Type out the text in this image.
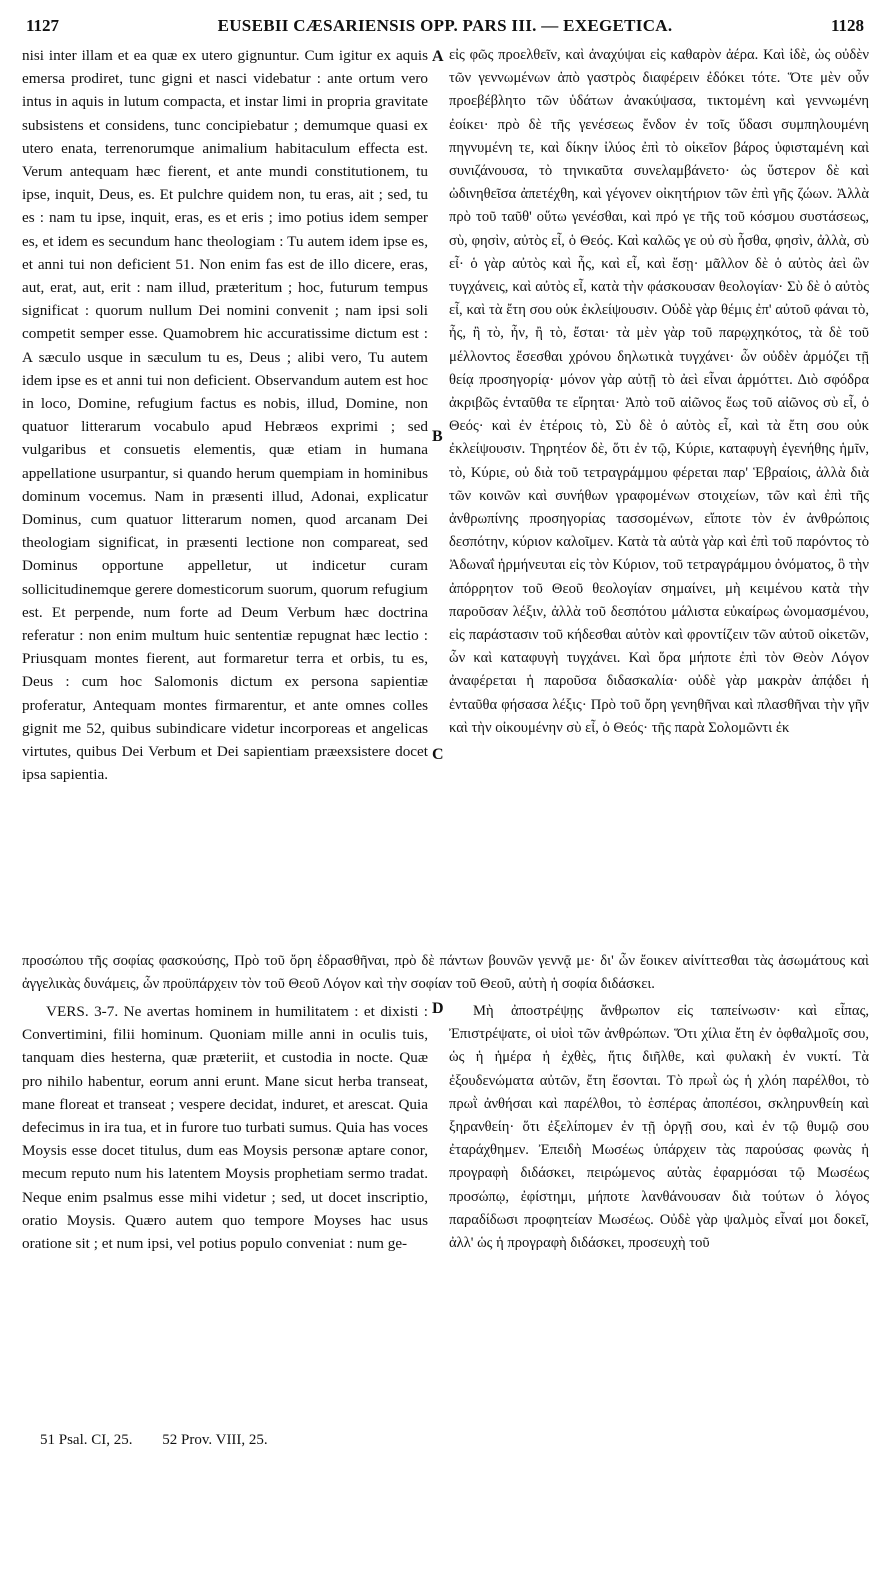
1127	EUSEBII CÆSARIENSIS OPP. PARS III. — EXEGETICA.	1128

nisi inter illam et ea quæ ex utero gignuntur. Cum igitur ex aquis emersa prodiret, tunc gigni et nasci videbatur : ante ortum vero intus in aquis in lutum compacta, et instar limi in propria gravitate subsistens et considens, tunc concipiebatur ; demumque quasi ex utero enata, terrenorumque animalium habitaculum effecta est. Verum antequam hæc fierent, et ante mundi constitutionem, tu ipse, inquit, Deus, es. Et pulchre quidem non, tu eras, ait ; sed, tu es : nam tu ipse, inquit, eras, es et eris ; imo potius idem semper es, et idem es secundum hanc theologiam : Tu autem idem ipse es, et anni tui non deficient 51. Non enim fas est de illo dicere, eras, aut, erat, aut, erit : nam illud, præteritum ; hoc, futurum tempus significat : quorum nullum Dei nomini convenit ; nam ipsi soli competit semper esse. Quamobrem hic accuratissime dictum est : A sæculo usque in sæculum tu es, Deus ; alibi vero, Tu autem idem ipse es et anni tui non deficient. Observandum autem est hoc in loco, Domine, refugium factus es nobis, illud, Domine, non quatuor litterarum vocabulo apud Hebræos exprimi ; sed vulgaribus et consuetis elementis, quæ etiam in humana appellatione usurpantur, si quando herum quempiam in hominibus dominum vocemus. Nam in præsenti illud, Adonai, explicatur Dominus, cum quatuor litterarum nomen, quod arcanam Dei theologiam significat, in præsenti lectione non compareat, sed Dominus opportune appelletur, ut indicetur curam sollicitudinemque gerere domesticorum suorum, quorum refugium est. Et perpende, num forte ad Deum Verbum hæc doctrina referatur : non enim multum huic sententiæ repugnat hæc lectio : Priusquam montes fierent, aut formaretur terra et orbis, tu es, Deus : cum hoc Salomonis dictum ex persona sapientiæ proferatur, Antequam montes firmarentur, et ante omnes colles gignit me 52, quibus subindicare videtur incorporeas et angelicas virtutes, quibus Dei Verbum et Dei sapientiam præexsistere docet ipsa sapientia.

εἰς φῶς προελθεῖν, καὶ ἀναχύψαι εἰς καθαρὸν ἀέρα. Καὶ ἰδὲ, ὡς οὐδὲν τῶν γεννωμένων ἀπὸ γαστρὸς διαφέρειν ἐδόκει τότε. Ὅτε μὲν οὖν προεβέβλητο τῶν ὑδάτων ἀνακύψασα, τικτομένη καὶ γεννωμένη ἐοίκει· πρὸ δὲ τῆς γενέσεως ἔνδον ἐν τοῖς ὕδασι συμπηλουμένη πηγνυμένη τε, καὶ δίκην ἰλύος ἐπὶ τὸ οἰκεῖον βάρος ὑφισταμένη καὶ συνιζάνουσα, τὸ τηνικαῦτα συνελαμβάνετο· ὡς ὕστερον δὲ καὶ ὠδινηθεῖσα ἀπετέχθη, καὶ γέγονεν οἰκητήριον τῶν ἐπὶ γῆς ζώων. Ἀλλὰ πρὸ τοῦ ταῦθ' οὕτω γενέσθαι, καὶ πρό γε τῆς τοῦ κόσμου συστάσεως, σὺ, φησὶν, αὐτὸς εἶ, ὁ Θεός. Καὶ καλῶς γε οὐ σὺ ἦσθα, φησὶν, ἀλλὰ, σὺ εἶ· ὁ γὰρ αὐτὸς καὶ ἦς, καὶ εἶ, καὶ ἔσῃ· μᾶλλον δὲ ὁ αὐτὸς ἀεὶ ὢν τυγχάνεις, καὶ αὐτὸς εἶ, κατὰ τὴν φάσκουσαν θεολογίαν· Σὺ δὲ ὁ αὐτὸς εἶ, καὶ τὰ ἔτη σου οὐκ ἐκλείψουσιν. Οὐδὲ γὰρ θέμις ἐπ' αὐτοῦ φάναι τὸ, ἦς, ἢ τὸ, ἦν, ἢ τὸ, ἔσται· τὰ μὲν γὰρ τοῦ παρῳχηκότος, τὰ δὲ τοῦ μέλλοντος ἔσεσθαι χρόνου δηλωτικὰ τυγχάνει· ὧν οὐδὲν ἁρμόζει τῇ θείᾳ προσηγορίᾳ· μόνον γὰρ αὐτῇ τὸ ἀεὶ εἶναι ἁρμόττει. Διὸ σφόδρα ἀκριβῶς ἐνταῦθα τε εἴρηται· Ἀπὸ τοῦ αἰῶνος ἕως τοῦ αἰῶνος σὺ εἶ, ὁ Θεός· καὶ ἐν ἑτέροις τὸ, Σὺ δὲ ὁ αὐτὸς εἶ, καὶ τὰ ἔτη σου οὐκ ἐκλείψουσιν. Τηρητέον δὲ, ὅτι ἐν τῷ, Κύριε, καταφυγὴ ἐγενήθης ἡμῖν, τὸ, Κύριε, οὐ διὰ τοῦ τετραγράμμου φέρεται παρ' Ἑβραίοις, ἀλλὰ διὰ τῶν κοινῶν καὶ συνήθων γραφομένων στοιχείων, τῶν καὶ ἐπὶ τῆς ἀνθρωπίνης προσηγορίας τασσομένων, εἴποτε τὸν ἐν ἀνθρώποις δεσπότην, κύριον καλοῖμεν. Κατὰ τὰ αὐτὰ γὰρ καὶ ἐπὶ τοῦ παρόντος τὸ Ἀδωναΐ ἡρμήνευται εἰς τὸν Κύριον, τοῦ τετραγράμμου ὀνόματος, ὃ τὴν ἀπόρρητον τοῦ Θεοῦ θεολογίαν σημαίνει, μὴ κειμένου κατὰ τὴν παροῦσαν λέξιν, ἀλλὰ τοῦ δεσπότου μάλιστα εὐκαίρως ὠνομασμένου, εἰς παράστασιν τοῦ κήδεσθαι αὐτὸν καὶ φροντίζειν τῶν αὐτοῦ οἰκετῶν, ὧν καὶ καταφυγὴ τυγχάνει. Καὶ ὅρα μήποτε ἐπὶ τὸν Θεὸν Λόγον ἀναφέρεται ἡ παροῦσα διδασκαλία· οὐδὲ γὰρ μακρὰν ἀπᾴδει ἡ ἐνταῦθα φήσασα λέξις· Πρὸ τοῦ ὄρη γενηθῆναι καὶ πλασθῆναι τὴν γῆν καὶ τὴν οἰκουμένην σὺ εἶ, ὁ Θεός· τῆς παρὰ Σολομῶντι ἐκ

A
B
C
D

προσώπου τῆς σοφίας φασκούσης, Πρὸ τοῦ ὄρη ἑδρασθῆναι, πρὸ δὲ πάντων βουνῶν γεννᾷ με· δι' ὧν ἔοικεν αἰνίττεσθαι τὰς ἀσωμάτους καὶ ἀγγελικὰς δυνάμεις, ὧν προϋπάρχειν τὸν τοῦ Θεοῦ Λόγον καὶ τὴν σοφίαν τοῦ Θεοῦ, αὐτὴ ἡ σοφία διδάσκει.

VERS. 3-7. Ne avertas hominem in humilitatem : et dixisti : Convertimini, filii hominum. Quoniam mille anni in oculis tuis, tanquam dies hesterna, quæ præteriit, et custodia in nocte. Quæ pro nihilo habentur, eorum anni erunt. Mane sicut herba transeat, mane floreat et transeat ; vespere decidat, induret, et arescat. Quia defecimus in ira tua, et in furore tuo turbati sumus. Quia has voces Moysis esse docet titulus, dum eas Moysis personæ aptare conor, mecum reputo num his latentem Moysis prophetiam sermo tradat. Neque enim psalmus esse mihi videtur ; sed, ut docet inscriptio, oratio Moysis. Quæro autem quo tempore Moyses hac usus oratione sit ; et num ipsi, vel potius populo conveniat : num ge-

Μὴ ἀποστρέψῃς ἄνθρωπον εἰς ταπείνωσιν· καὶ εἶπας, Ἐπιστρέψατε, οἱ υἱοὶ τῶν ἀνθρώπων. Ὅτι χίλια ἔτη ἐν ὀφθαλμοῖς σου, ὡς ἡ ἡμέρα ἡ ἐχθὲς, ἥτις διῆλθε, καὶ φυλακὴ ἐν νυκτί. Τὰ ἐξουδενώματα αὐτῶν, ἔτη ἔσονται. Τὸ πρωῒ ὡς ἡ χλόη παρέλθοι, τὸ πρωῒ ἀνθήσαι καὶ παρέλθοι, τὸ ἑσπέρας ἀποπέσοι, σκληρυνθείη καὶ ξηρανθείη· ὅτι ἐξελίπομεν ἐν τῇ ὀργῇ σου, καὶ ἐν τῷ θυμῷ σου ἐταράχθημεν. Ἐπειδὴ Μωσέως ὑπάρχειν τὰς παρούσας φωνὰς ἡ προγραφὴ διδάσκει, πειρώμενος αὐτὰς ἐφαρμόσαι τῷ Μωσέως προσώπῳ, ἐφίστημι, μήποτε λανθάνουσαν διὰ τούτων ὁ λόγος παραδίδωσι προφητείαν Μωσέως. Οὐδὲ γὰρ ψαλμὸς εἶναί μοι δοκεῖ, ἀλλ' ὡς ἡ προγραφὴ διδάσκει, προσευχὴ τοῦ

51 Psal. CI, 25. 52 Prov. VIII, 25.
